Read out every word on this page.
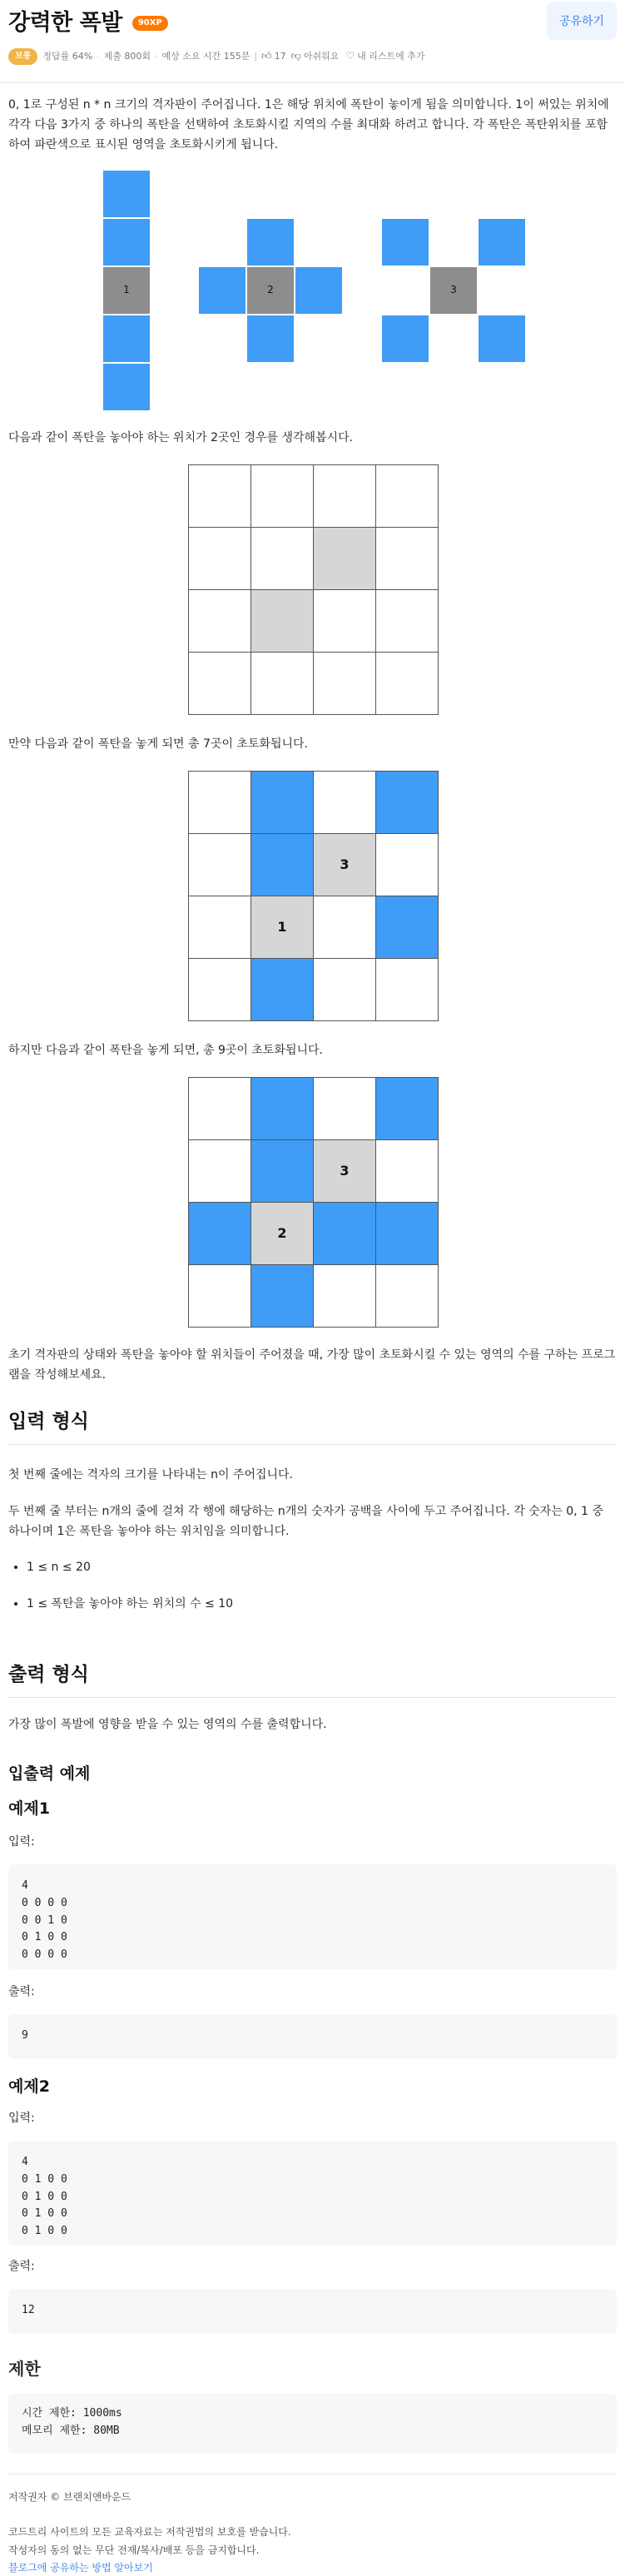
강력한 폭발	90XP	공유하기
보통	정답률 64% · 제출 800회 · 예상 소요 시간 155분 | 👍︎ 17 👎︎ 아쉬워요 ♡ 내 리스트에 추가

0, 1로 구성된 n * n 크기의 격자판이 주어집니다. 1은 해당 위치에 폭탄이 놓이게 됨을 의미합니다. 1이 써있는 위치에 각각 다음 3가지 중 하나의 폭탄을 선택하여 초토화시킬 지역의 수를 최대화 하려고 합니다. 각 폭탄은 폭탄위치를 포함하여 파란색으로 표시된 영역을 초토화시키게 됩니다.

1	2	3

다음과 같이 폭탄을 놓아야 하는 위치가 2곳인 경우를 생각해봅시다.

만약 다음과 같이 폭탄을 놓게 되면 총 7곳이 초토화됩니다.

		3	
	1		

하지만 다음과 같이 폭탄을 놓게 되면, 총 9곳이 초토화됩니다.

		3	
	2		

초기 격자판의 상태와 폭탄을 놓아야 할 위치들이 주어졌을 때, 가장 많이 초토화시킬 수 있는 영역의 수를 구하는 프로그램을 작성해보세요.

입력 형식

첫 번째 줄에는 격자의 크기를 나타내는 n이 주어집니다.

두 번째 줄 부터는 n개의 줄에 걸쳐 각 행에 해당하는 n개의 숫자가 공백을 사이에 두고 주어집니다. 각 숫자는 0, 1 중 하나이며 1은 폭탄을 놓아야 하는 위치임을 의미합니다.

• 1 ≤ n ≤ 20
• 1 ≤ 폭탄을 놓아야 하는 위치의 수 ≤ 10
출력 형식

가장 많이 폭발에 영향을 받을 수 있는 영역의 수를 출력합니다.

입출력 예제
예제1

입력:

4
0 0 0 0
0 0 1 0
0 1 0 0
0 0 0 0

출력:

9
예제2

입력:

4
0 1 0 0
0 1 0 0
0 1 0 0
0 1 0 0

출력:

12
제한
시간 제한: 1000ms
메모리 제한: 80MB

저작권자 © 브랜치앤바운드

코드트리 사이트의 모든 교육자료는 저작권법의 보호를 받습니다.

작성자의 동의 없는 무단 전재/복사/배포 등을 금지합니다.

블로그에 공유하는 방법 알아보기
